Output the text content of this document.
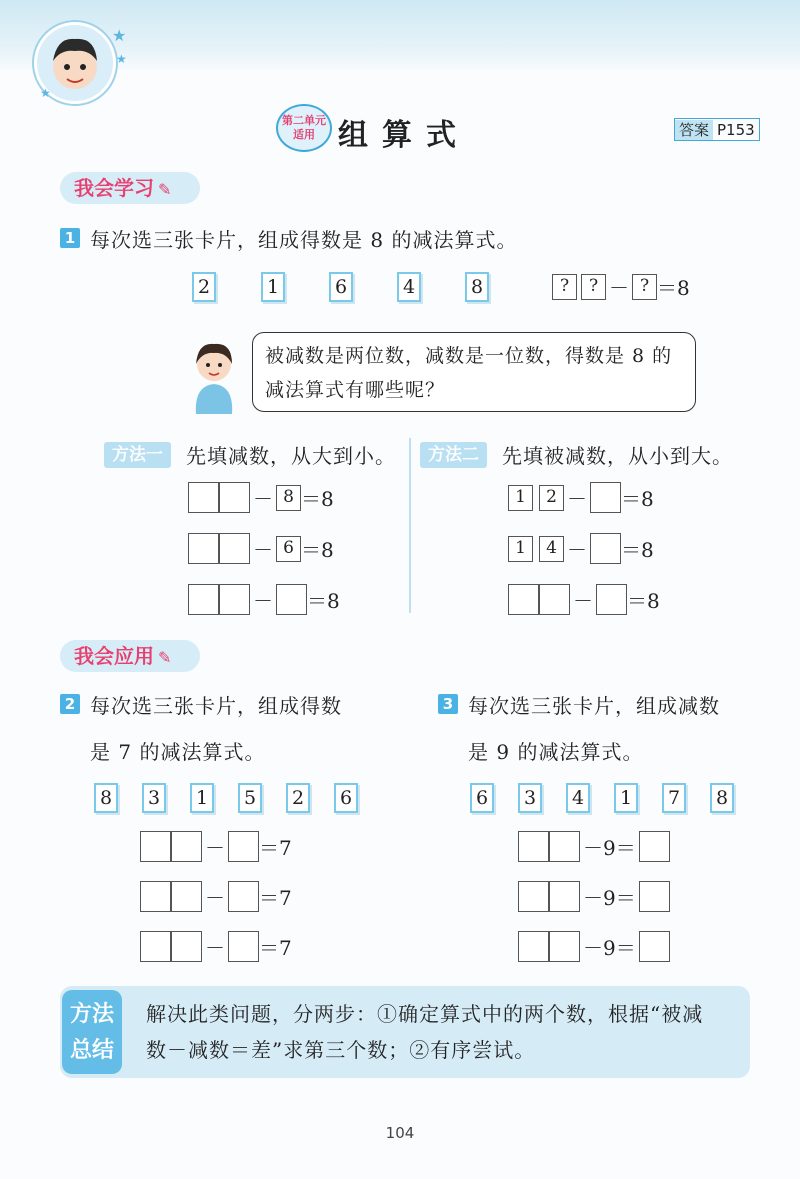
★
★
★
第二单元
适用 组算式	答案 P153
我会学习 ✎
1 每次选三张卡片，组成得数是 8 的减法算式。
2	1	6	4	8	?	? － ? ＝8
被减数是两位数，减数是一位数，得数是 8 的
减法算式有哪些呢？
方法一	先填减数，从大到小。
－ 8 ＝8
－ 6 ＝8
－ ＝8
方法二	先填被减数，从小到大。
1	2 － ＝8
1	4 － ＝8
－ ＝8
我会应用 ✎
2 每次选三张卡片，组成得数
是 7 的减法算式。
8	3	1	5	2	6
－ ＝7
－ ＝7
－ ＝7
3 每次选三张卡片，组成减数
是 9 的减法算式。
6	3	4	1	7	8
－9＝
－9＝
－9＝
方法
总结
解决此类问题，分两步：①确定算式中的两个数，根据“被减
数－减数＝差”求第三个数；②有序尝试。
104
